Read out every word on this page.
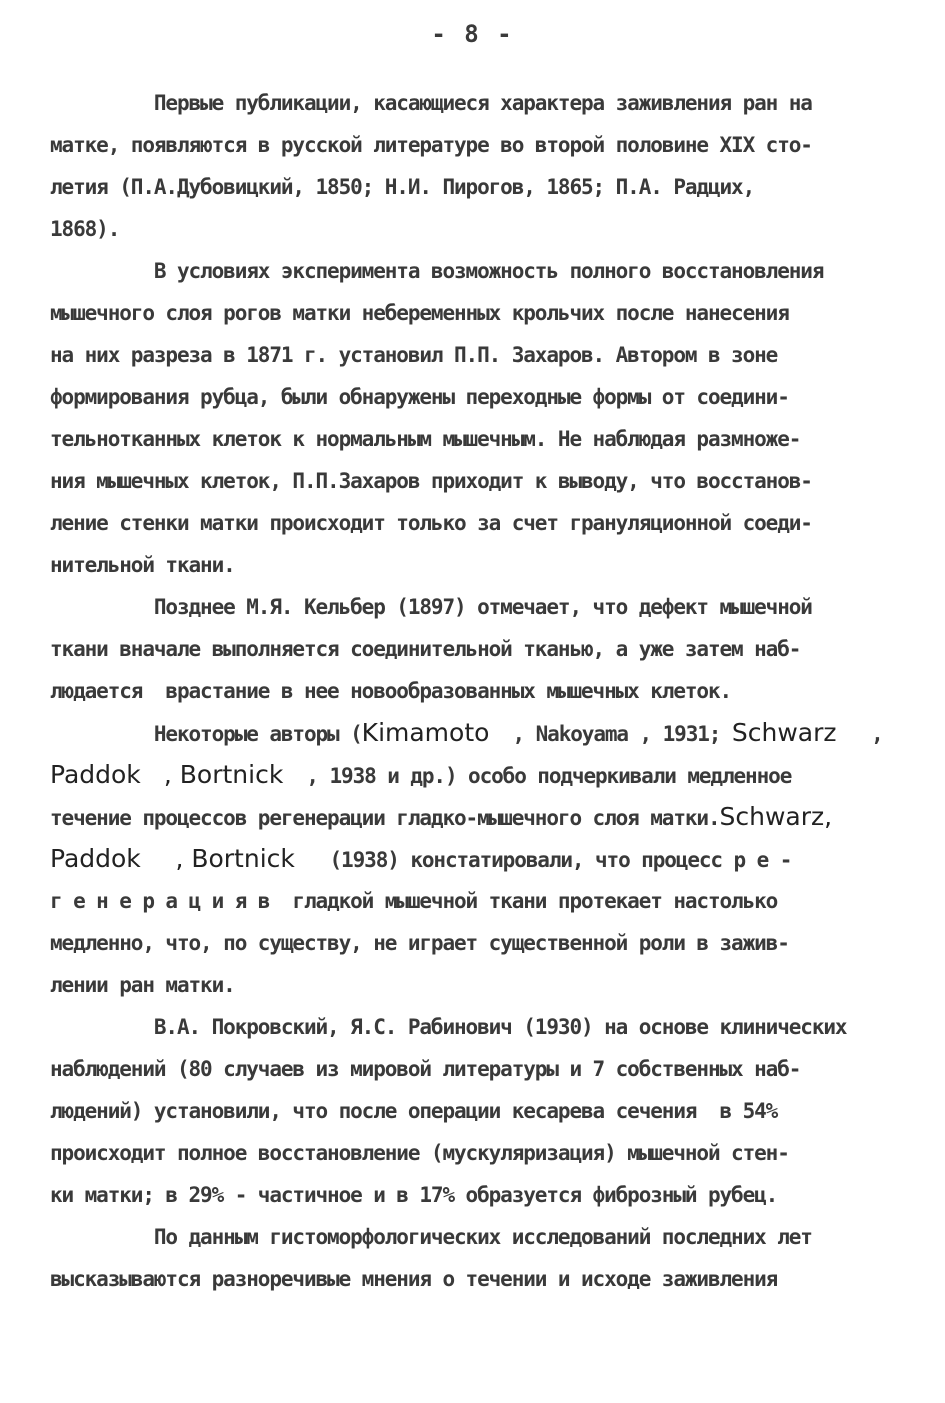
- 8 -
Первые публикации, касающиеся характера заживления ран на
матке, появляются в русской литературе во второй половине XIX сто-
летия (П.А.Дубовицкий, 1850; Н.И. Пирогов, 1865; П.А. Радцих,
1868).
В условиях эксперимента возможность полного восстановления
мышечного слоя рогов матки небеременных крольчих после нанесения
на них разреза в 1871 г. установил П.П. Захаров. Автором в зоне
формирования рубца, были обнаружены переходные формы от соедини-
тельнотканных клеток к нормальным мышечным. Не наблюдая размноже-
ния мышечных клеток, П.П.Захаров приходит к выводу, что восстанов-
ление стенки матки происходит только за счет грануляционной соеди-
нительной ткани.
Позднее М.Я. Кельбер (1897) отмечает, что дефект мышечной
ткани вначале выполняется соединительной тканью, а уже затем наб-
людается  врастание в нее новообразованных мышечных клеток.
Некоторые авторы (Kimamoto , Nakoyama , 1931; Schwarz ,
Paddok , Bortnick , 1938 и др.) особо подчеркивали медленное
течение процессов регенерации гладко-мышечного слоя матки.Schwarz,
Paddok , Bortnick (1938) констатировали, что процесс р е -
г е н е р а ц и я в  гладкой мышечной ткани протекает настолько
медленно, что, по существу, не играет существенной роли в зажив-
лении ран матки.
В.А. Покровский, Я.С. Рабинович (1930) на основе клинических
наблюдений (80 случаев из мировой литературы и 7 собственных наб-
людений) установили, что после операции кесарева сечения  в 54%
происходит полное восстановление (мускуляризация) мышечной стен-
ки матки; в 29% - частичное и в 17% образуется фиброзный рубец.
По данным гистоморфологических исследований последних лет
высказываются разноречивые мнения о течении и исходе заживления
